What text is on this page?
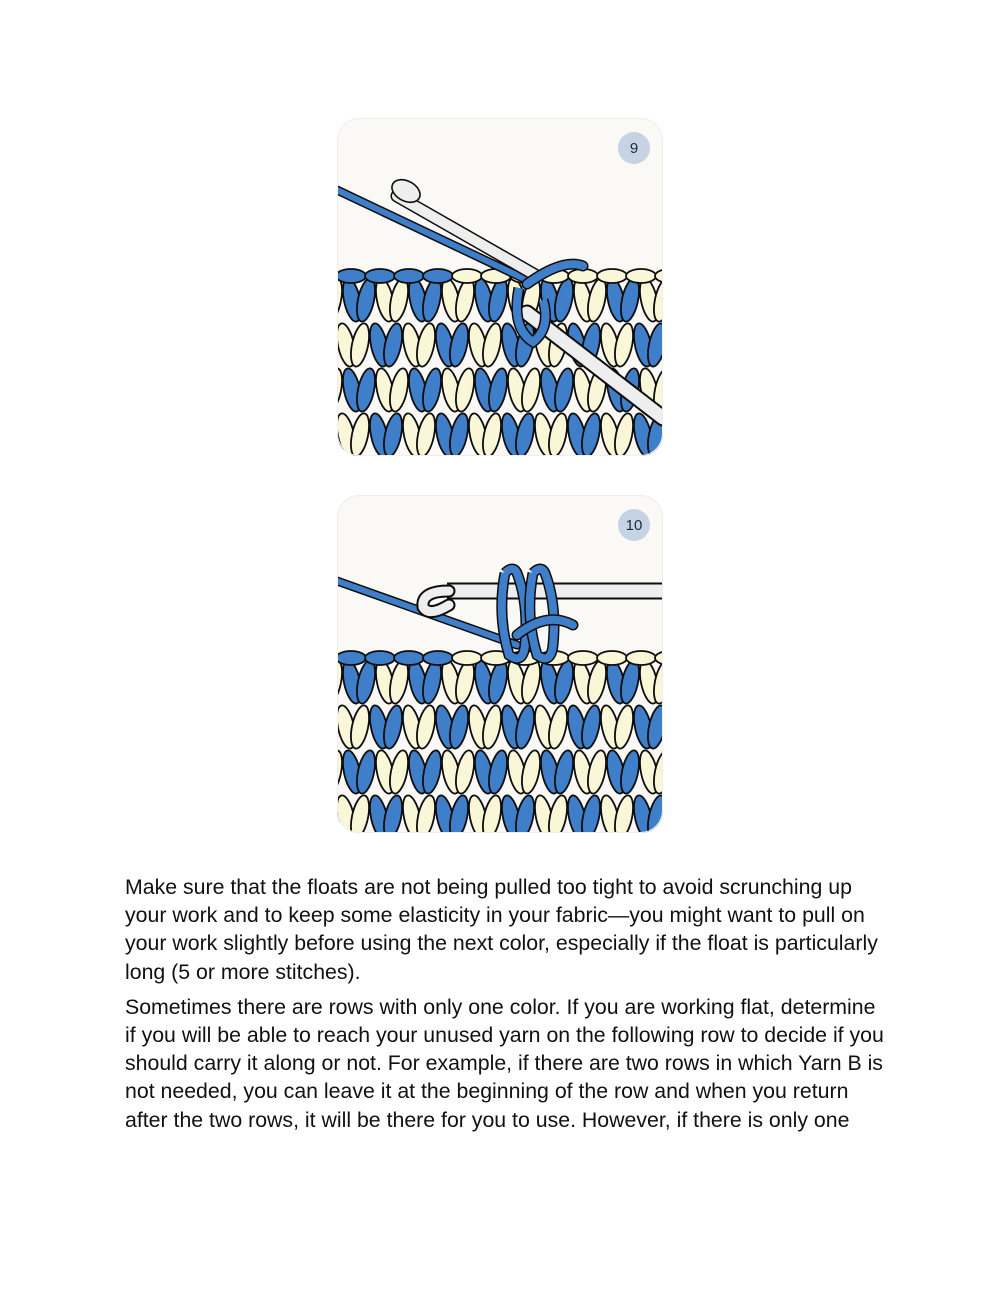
9
10

Make sure that the floats are not being pulled too tight to avoid scrunching up your work and to keep some elasticity in your fabric—you might want to pull on your work slightly before using the next color, especially if the float is particularly long (5 or more stitches).

Sometimes there are rows with only one color. If you are working flat, determine if you will be able to reach your unused yarn on the following row to decide if you should carry it along or not. For example, if there are two rows in which Yarn B is not needed, you can leave it at the beginning of the row and when you return after the two rows, it will be there for you to use. However, if there is only one
